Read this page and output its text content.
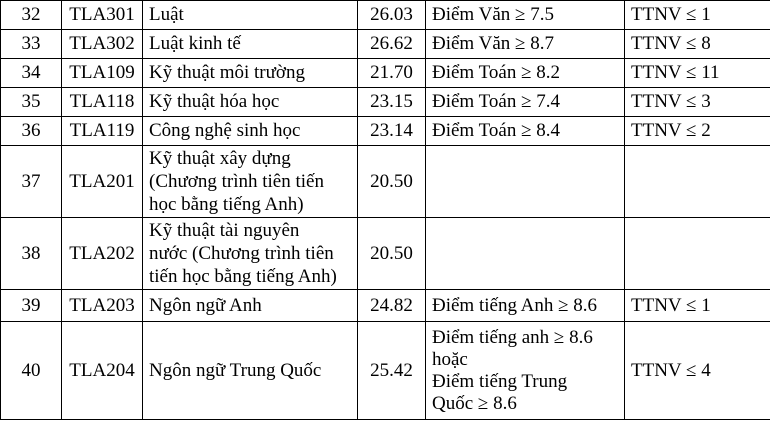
32	TLA301	Luật	26.03	Điểm Văn ≥ 7.5	TTNV ≤ 1
33	TLA302	Luật kinh tế	26.62	Điểm Văn ≥ 8.7	TTNV ≤ 8
34	TLA109	Kỹ thuật môi trường	21.70	Điểm Toán ≥ 8.2	TTNV ≤ 11
35	TLA118	Kỹ thuật hóa học	23.15	Điểm Toán ≥ 7.4	TTNV ≤ 3
36	TLA119	Công nghệ sinh học	23.14	Điểm Toán ≥ 8.4	TTNV ≤ 2
37	TLA201	Kỹ thuật xây dựng
(Chương trình tiên tiến
học bằng tiếng Anh)	20.50		
38	TLA202	Kỹ thuật tài nguyên
nước (Chương trình tiên
tiến học bằng tiếng Anh)	20.50		
39	TLA203	Ngôn ngữ Anh	24.82	Điểm tiếng Anh ≥ 8.6	TTNV ≤ 1
40	TLA204	Ngôn ngữ Trung Quốc	25.42	Điểm tiếng anh ≥ 8.6
hoặc
Điểm tiếng Trung
Quốc ≥ 8.6	TTNV ≤ 4
